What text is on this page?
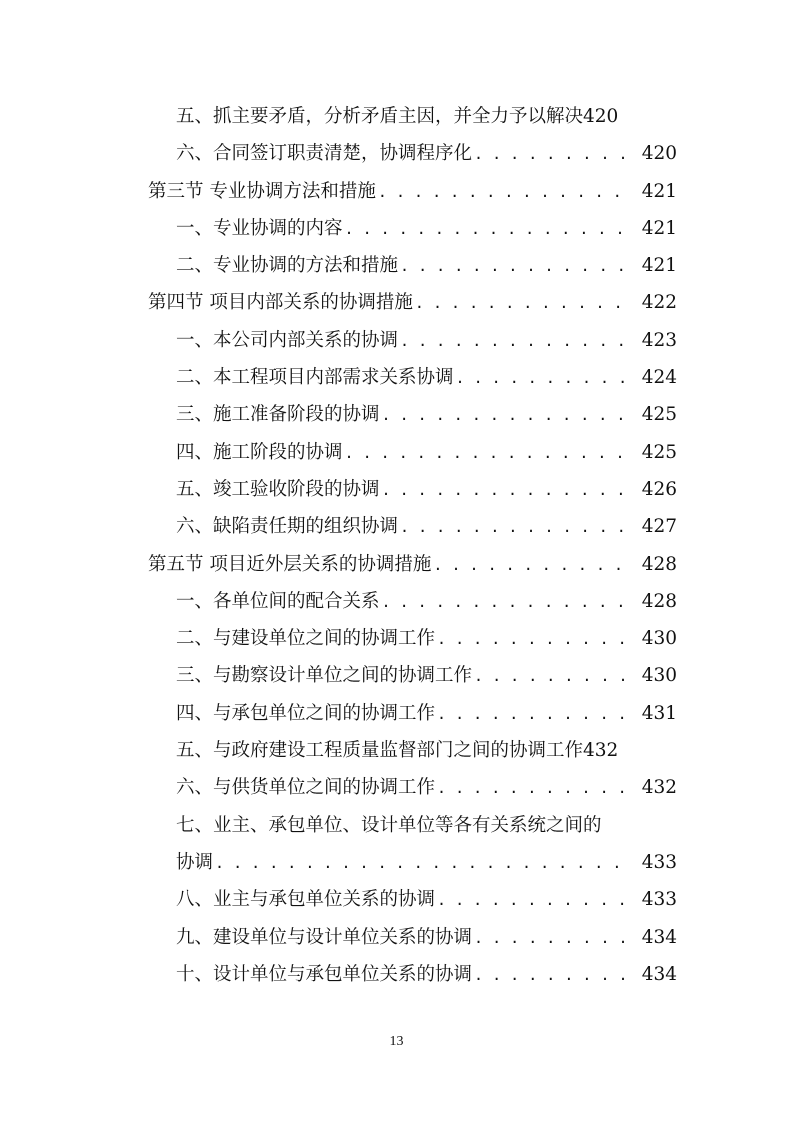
五、抓主要矛盾，分析矛盾主因，并全力予以解决 420
六、合同签订职责清楚，协调程序化 . . .	420
第三节 专业协调方法和措施 . . .	421
一、专业协调的内容 . . .	421
二、专业协调的方法和措施 . . .	421
第四节 项目内部关系的协调措施 . . .	422
一、本公司内部关系的协调 . . .	423
二、本工程项目内部需求关系协调 . . .	424
三、施工准备阶段的协调 . . .	425
四、施工阶段的协调 . . .	425
五、竣工验收阶段的协调 . . .	426
六、缺陷责任期的组织协调 . . .	427
第五节 项目近外层关系的协调措施 . . .	428
一、各单位间的配合关系 . . .	428
二、与建设单位之间的协调工作 . . .	430
三、与勘察设计单位之间的协调工作 . . .	430
四、与承包单位之间的协调工作 . . .	431
五、与政府建设工程质量监督部门之间的协调工作 432
六、与供货单位之间的协调工作 . . .	432
七、业主、承包单位、设计单位等各有关系统之间的
协调 . . .	433
八、业主与承包单位关系的协调 . . .	433
九、建设单位与设计单位关系的协调 . . .	434
十、设计单位与承包单位关系的协调 . . .	434
13
